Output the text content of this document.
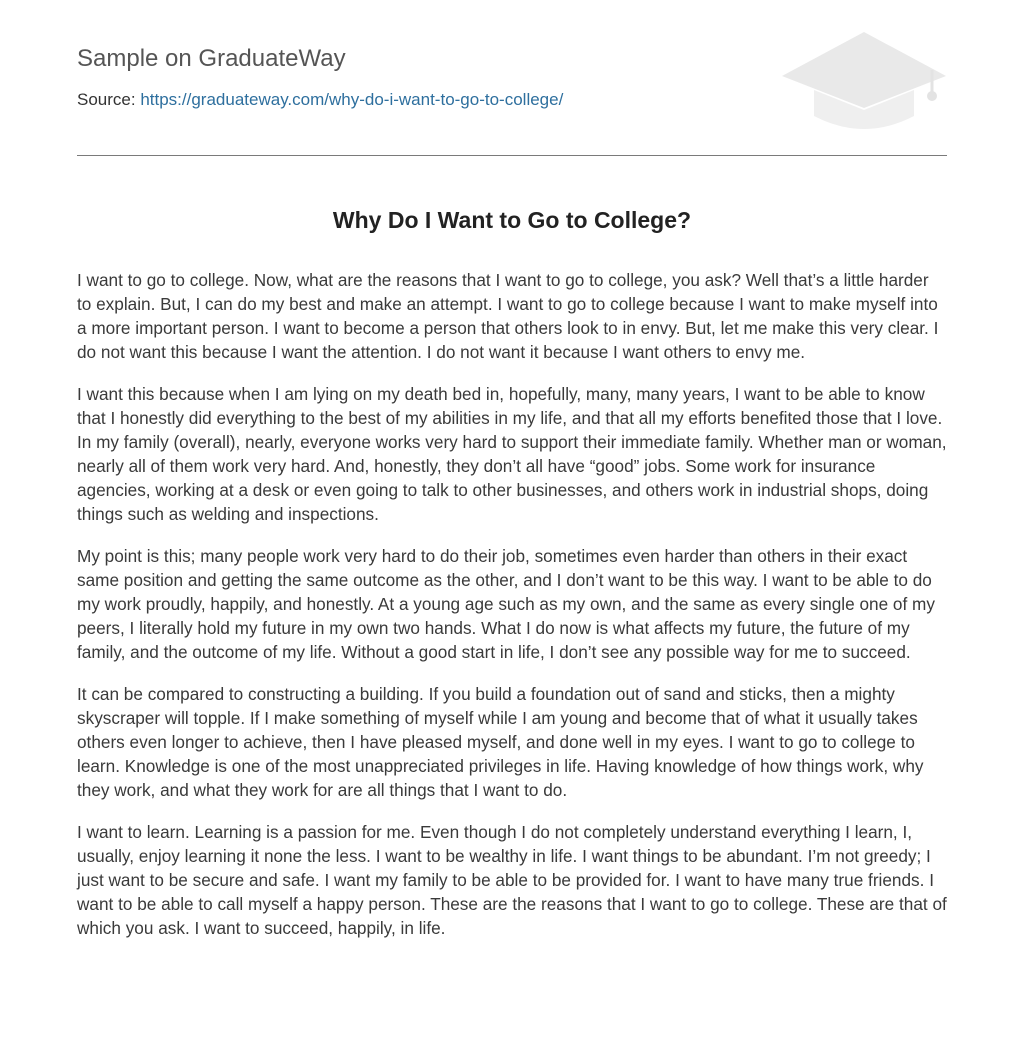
Sample on GraduateWay
Source: https://graduateway.com/why-do-i-want-to-go-to-college/
Why Do I Want to Go to College?

I want to go to college. Now, what are the reasons that I want to go to college, you ask? Well that’s a little harder to explain. But, I can do my best and make an attempt. I want to go to college because I want to make myself into a more important person. I want to become a person that others look to in envy. But, let me make this very clear. I do not want this because I want the attention. I do not want it because I want others to envy me.

I want this because when I am lying on my death bed in, hopefully, many, many years, I want to be able to know that I honestly did everything to the best of my abilities in my life, and that all my efforts benefited those that I love. In my family (overall), nearly, everyone works very hard to support their immediate family. Whether man or woman, nearly all of them work very hard. And, honestly, they don’t all have “good” jobs. Some work for insurance agencies, working at a desk or even going to talk to other businesses, and others work in industrial shops, doing things such as welding and inspections.

My point is this; many people work very hard to do their job, sometimes even harder than others in their exact same position and getting the same outcome as the other, and I don’t want to be this way. I want to be able to do my work proudly, happily, and honestly. At a young age such as my own, and the same as every single one of my peers, I literally hold my future in my own two hands. What I do now is what affects my future, the future of my family, and the outcome of my life. Without a good start in life, I don’t see any possible way for me to succeed.

It can be compared to constructing a building. If you build a foundation out of sand and sticks, then a mighty skyscraper will topple. If I make something of myself while I am young and become that of what it usually takes others even longer to achieve, then I have pleased myself, and done well in my eyes. I want to go to college to learn. Knowledge is one of the most unappreciated privileges in life. Having knowledge of how things work, why they work, and what they work for are all things that I want to do.

I want to learn. Learning is a passion for me. Even though I do not completely understand everything I learn, I, usually, enjoy learning it none the less. I want to be wealthy in life. I want things to be abundant. I’m not greedy; I just want to be secure and safe. I want my family to be able to be provided for. I want to have many true friends. I want to be able to call myself a happy person. These are the reasons that I want to go to college. These are that of which you ask. I want to succeed, happily, in life.
